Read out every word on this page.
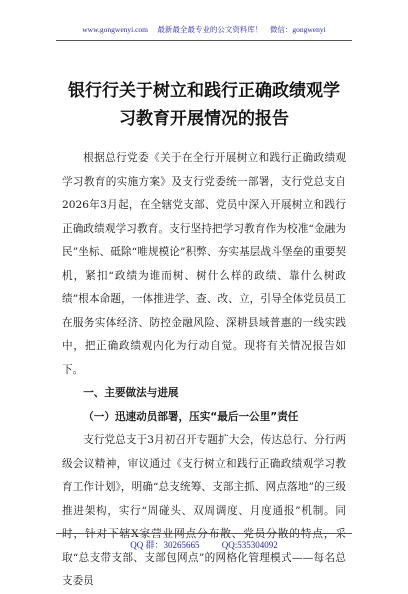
www.gongwenyi.com 　最新最全最专业的公文资料库！　微信：gongwenyi
银行行关于树立和践行正确政绩观学习教育开展情况的报告

根据总行党委《关于在全行开展树立和践行正确政绩观学习教育的实施方案》及支行党委统一部署，支行党总支自2026年3月起，在全辖党支部、党员中深入开展树立和践行正确政绩观学习教育。支行坚持把学习教育作为校准“金融为民”坐标、砥除“唯规模论”积弊、夯实基层战斗堡垒的重要契机，紧扣“政绩为谁而树、树什么样的政绩、靠什么树政绩”根本命题，一体推进学、查、改、立，引导全体党员员工在服务实体经济、防控金融风险、深耕县域普惠的一线实践中，把正确政绩观内化为行动自觉。现将有关情况报告如下。

一、主要做法与进展

（一）迅速动员部署，压实“最后一公里”责任

支行党总支于3月初召开专题扩大会，传达总行、分行两级会议精神，审议通过《支行树立和践行正确政绩观学习教育工作计划》，明确“总支统筹、支部主抓、网点落地”的三级推进架构，实行“周碰头、双周调度、月度通报”机制。同时，针对下辖X家营业网点分布散、党员分散的特点，采取“总支带支部、支部包网点”的网格化管理模式——每名总支委员

QQ 群：30265665 QQ:535304092
